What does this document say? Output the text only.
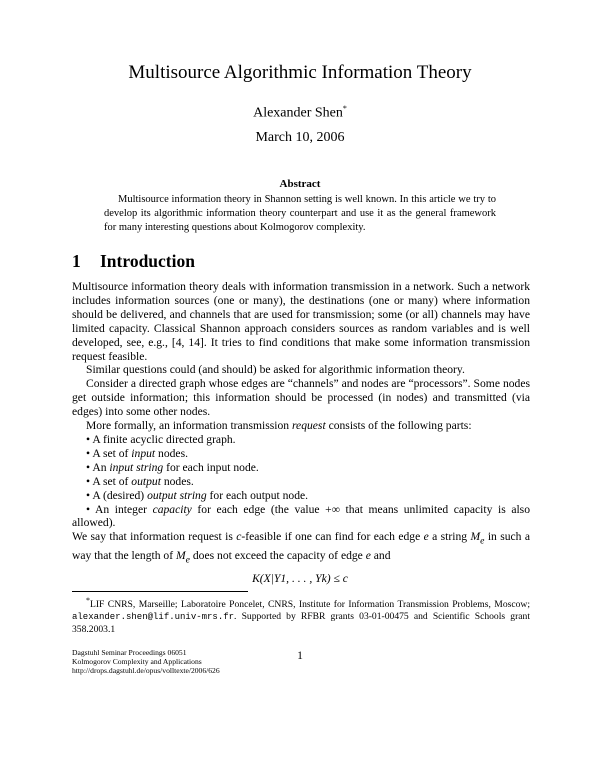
Multisource Algorithmic Information Theory
Alexander Shen*
March 10, 2006
Abstract
Multisource information theory in Shannon setting is well known. In this article we try to develop its algorithmic information theory counterpart and use it as the general framework for many interesting questions about Kolmogorov complexity.
1 Introduction

Multisource information theory deals with information transmission in a network. Such a network includes information sources (one or many), the destinations (one or many) where information should be delivered, and channels that are used for transmission; some (or all) channels may have limited capacity. Classical Shannon approach considers sources as random variables and is well developed, see, e.g., [4, 14]. It tries to find conditions that make some information transmission request feasible.

Similar questions could (and should) be asked for algorithmic information theory.

Consider a directed graph whose edges are “channels” and nodes are “processors”. Some nodes get outside information; this information should be processed (in nodes) and transmitted (via edges) into some other nodes.

More formally, an information transmission request consists of the following parts:

• A finite acyclic directed graph.

• A set of input nodes.

• An input string for each input node.

• A set of output nodes.

• A (desired) output string for each output node.

• An integer capacity for each edge (the value +∞ that means unlimited capacity is also allowed).

We say that information request is c-feasible if one can find for each edge e a string $M_e$ in such a way that the length of $M_e$ does not exceed the capacity of edge e and

K(X|Y1, . . . , Yk) ≤ c
*LIF CNRS, Marseille; Laboratoire Poncelet, CNRS, Institute for Information Transmission Problems, Moscow; alexander.shen@lif.univ-mrs.fr. Supported by RFBR grants 03-01-00475 and Scientific Schools grant 358.2003.1
Dagstuhl Seminar Proceedings 06051
Kolmogorov Complexity and Applications
http://drops.dagstuhl.de/opus/volltexte/2006/626
1
